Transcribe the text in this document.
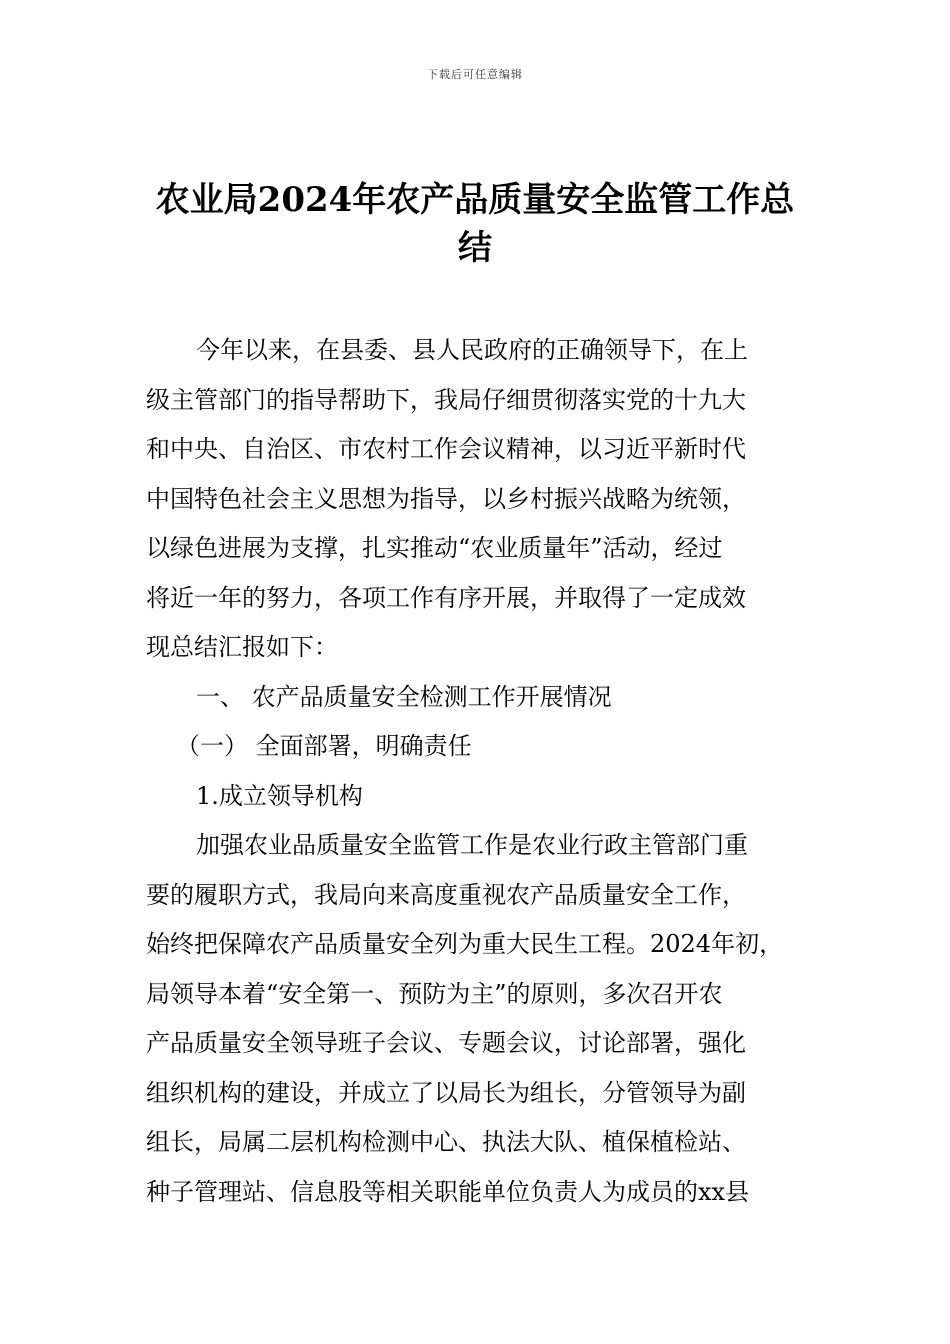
下载后可任意编辑
农业局2024年农产品质量安全监管工作总
结
今年以来，在县委、县人民政府的正确领导下，在上
级主管部门的指导帮助下，我局仔细贯彻落实党的十九大
和中央、自治区、市农村工作会议精神，以习近平新时代
中国特色社会主义思想为指导，以乡村振兴战略为统领，
以绿色进展为支撑，扎实推动“农业质量年”活动，经过
将近一年的努力，各项工作有序开展，并取得了一定成效
现总结汇报如下：
一、 农产品质量安全检测工作开展情况
（一） 全面部署，明确责任
1.成立领导机构
加强农业品质量安全监管工作是农业行政主管部门重
要的履职方式，我局向来高度重视农产品质量安全工作，
始终把保障农产品质量安全列为重大民生工程。2024年初，
局领导本着“安全第一、预防为主”的原则，多次召开农
产品质量安全领导班子会议、专题会议，讨论部署，强化
组织机构的建设，并成立了以局长为组长，分管领导为副
组长，局属二层机构检测中心、执法大队、植保植检站、
种子管理站、信息股等相关职能单位负责人为成员的xx县
